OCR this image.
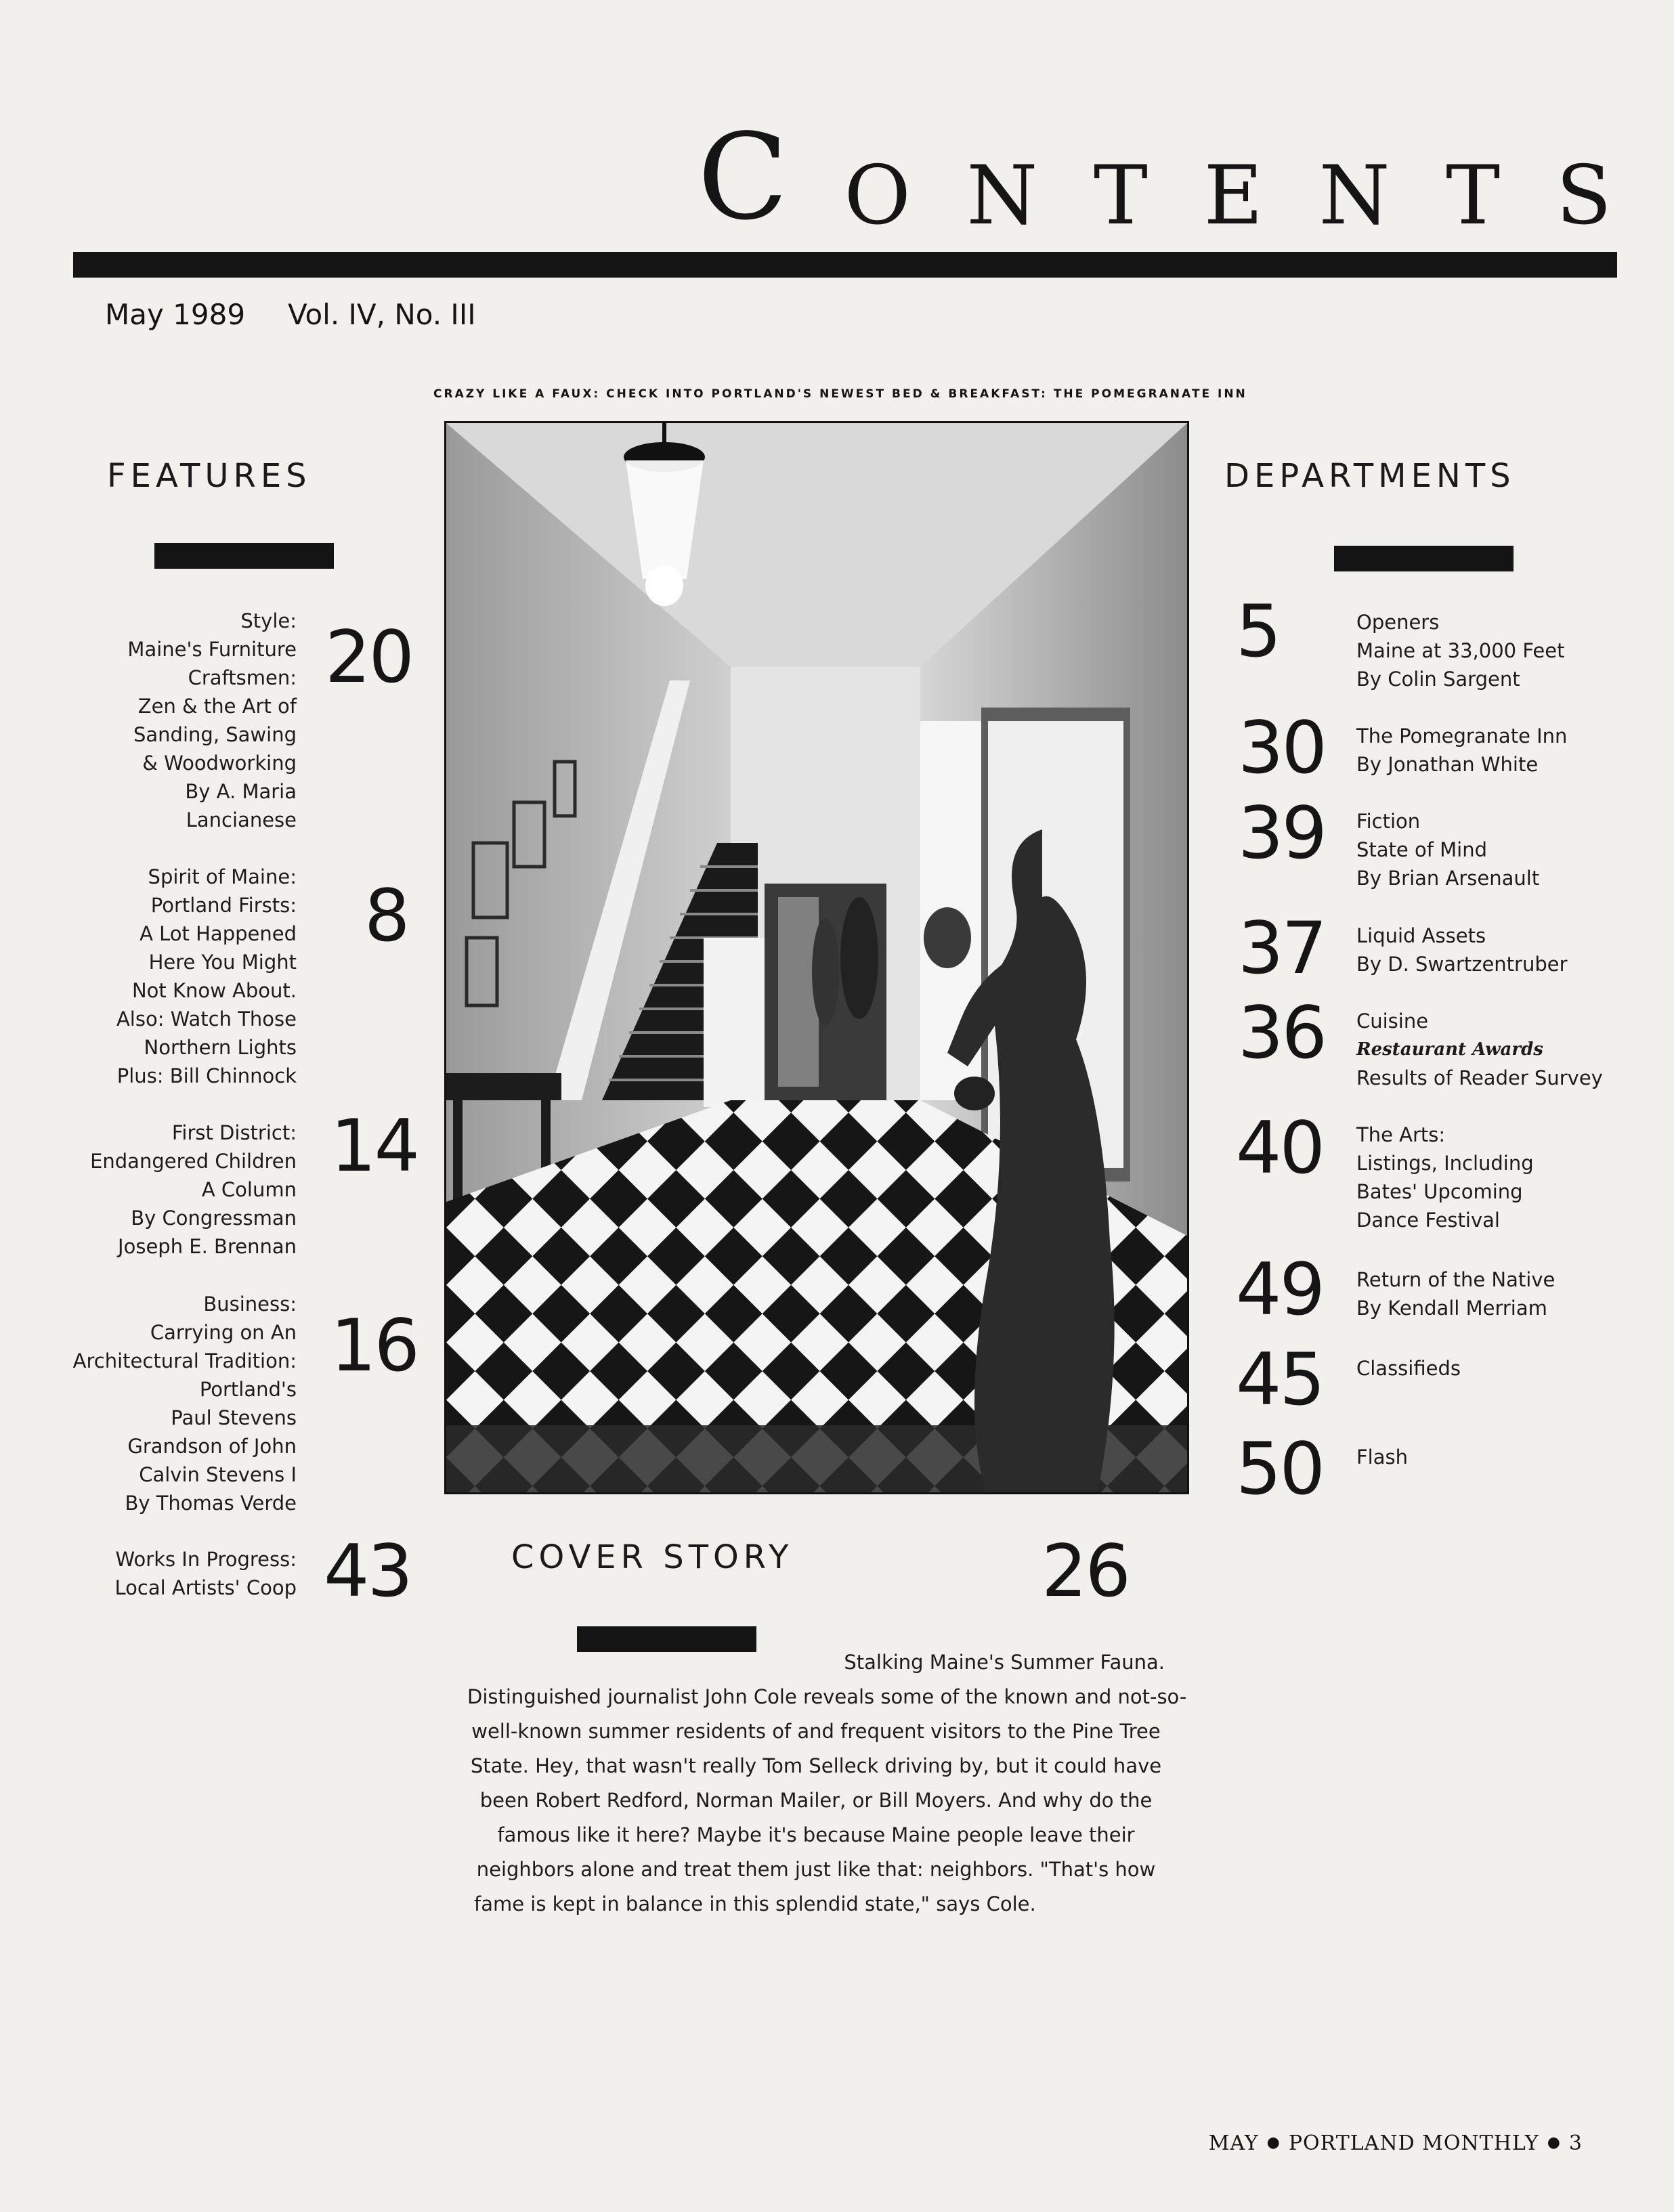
C O N T E N T S
May 1989 Vol. IV, No. III
CRAZY LIKE A FAUX: CHECK INTO PORTLAND'S NEWEST BED & BREAKFAST: THE POMEGRANATE INN
FEATURES
Style:
Maine's Furniture
Craftsmen:
Zen & the Art of
Sanding, Sawing
& Woodworking
By A. Maria
Lancianese
20
Spirit of Maine:
Portland Firsts:
A Lot Happened
Here You Might
Not Know About.
Also: Watch Those
Northern Lights
Plus: Bill Chinnock
8
First District:
Endangered Children
A Column
By Congressman
Joseph E. Brennan
14
Business:
Carrying on An
Architectural Tradition:
Portland's
Paul Stevens
Grandson of John
Calvin Stevens I
By Thomas Verde
16
Works In Progress:
Local Artists' Coop 43
DEPARTMENTS
5	Openers
Maine at 33,000 Feet
By Colin Sargent
30 The Pomegranate Inn
By Jonathan White
39 Fiction
State of Mind
By Brian Arsenault
37 Liquid Assets
By D. Swartzentruber
36 Cuisine
Restaurant Awards
Results of Reader Survey
40 The Arts:
Listings, Including
Bates' Upcoming
Dance Festival
49 Return of the Native
By Kendall Merriam
45 Classifieds
50 Flash
COVER STORY	26
Stalking Maine's Summer Fauna.
Distinguished journalist John Cole reveals some of the known and not-so-
well-known summer residents of and frequent visitors to the Pine Tree
State. Hey, that wasn't really Tom Selleck driving by, but it could have
been Robert Redford, Norman Mailer, or Bill Moyers. And why do the
famous like it here? Maybe it's because Maine people leave their
neighbors alone and treat them just like that: neighbors. "That's how
fame is kept in balance in this splendid state," says Cole.
MAY ● PORTLAND MONTHLY ● 3
